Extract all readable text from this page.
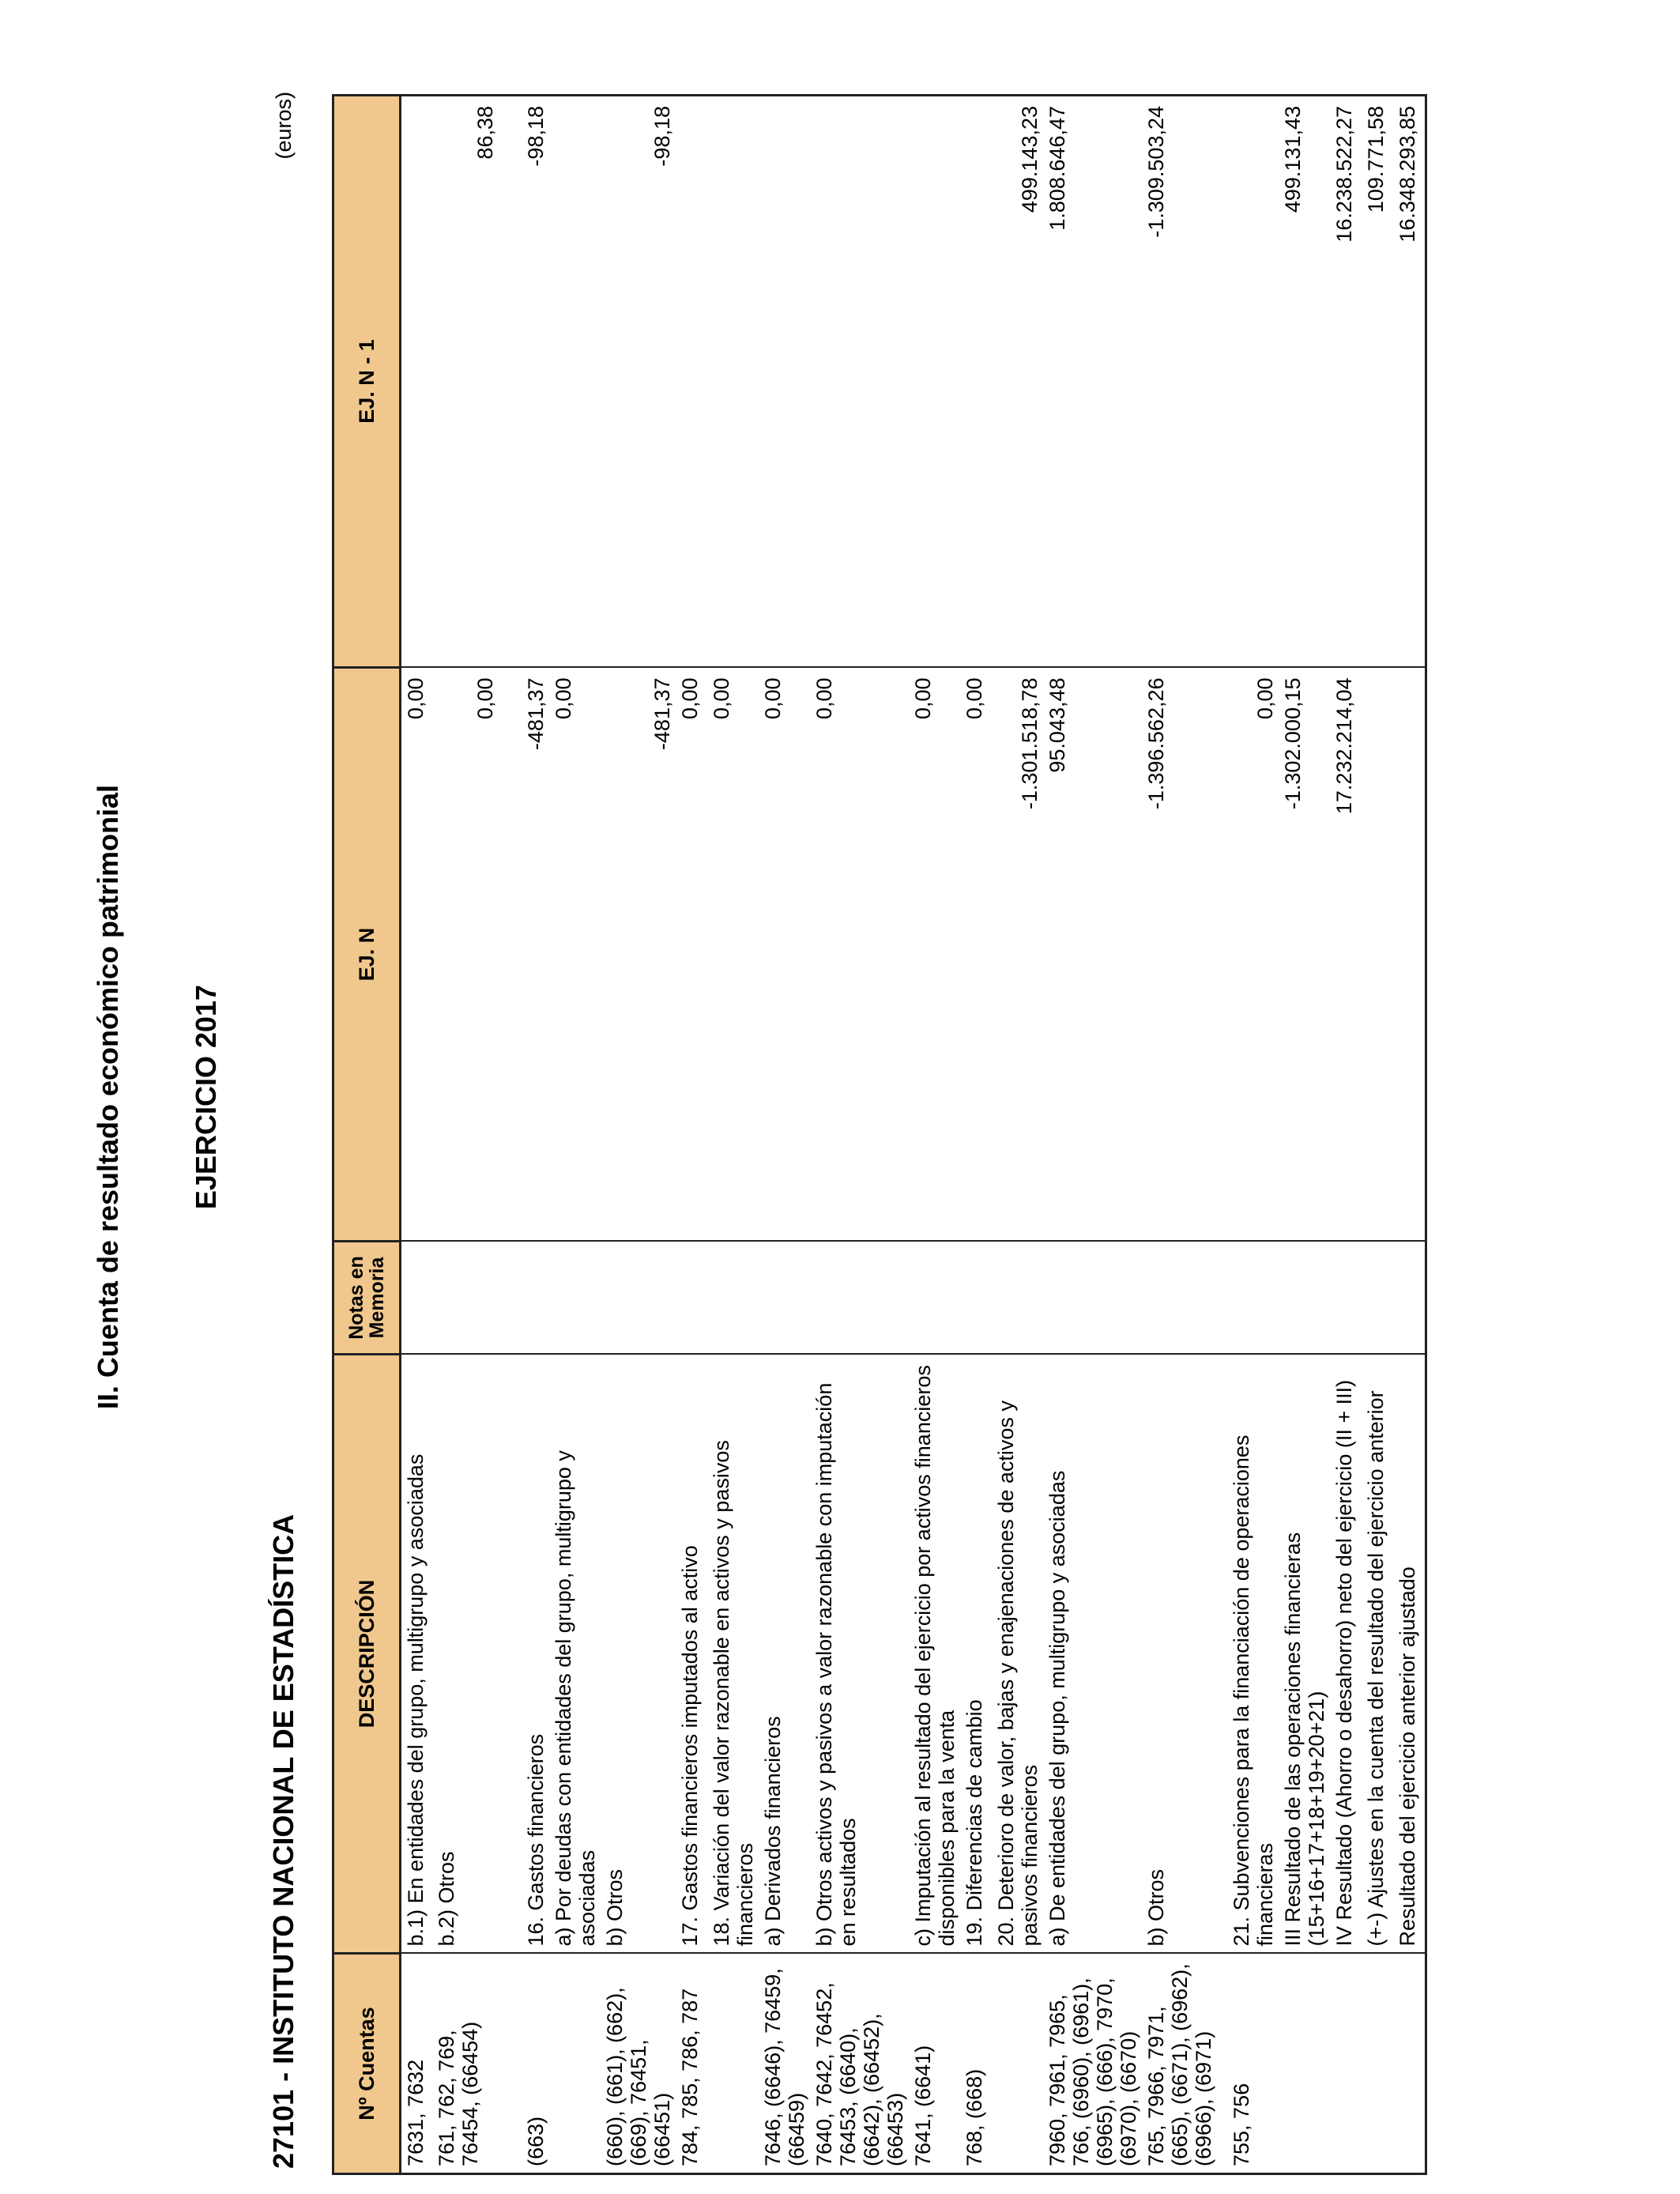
II. Cuenta de resultado económico patrimonial EJERCICIO 2017
27101 - INSTITUTO NACIONAL DE ESTADÍSTICA
(euros)
Nº Cuentas	DESCRIPCIÓN	Notas en Memoria	EJ. N	EJ. N - 1
7631, 7632	b.1) En entidades del grupo, multigrupo y asociadas		0,00	
761, 762, 769, 76454, (66454)	b.2) Otros		0,00	86,38
(663)	16. Gastos financieros		-481,37	-98,18
	a) Por deudas con entidades del grupo, multigrupo y asociadas		0,00	
(660), (661), (662), (669), 76451, (66451)	b) Otros		-481,37	-98,18
784, 785, 786, 787	17. Gastos financieros imputados al activo		0,00	
	18. Variación del valor razonable en activos y pasivos financieros		0,00	
7646, (6646), 76459, (66459)	a) Derivados financieros		0,00	
7640, 7642, 76452, 76453, (6640), (6642), (66452), (66453)	b) Otros activos y pasivos a valor razonable con imputación en resultados		0,00	
7641, (6641)	c) Imputación al resultado del ejercicio por activos financieros disponibles para la venta		0,00	
768, (668)	19. Diferencias de cambio		0,00	
	20. Deterioro de valor, bajas y enajenaciones de activos y pasivos financieros		-1.301.518,78	499.143,23
7960, 7961, 7965, 766, (6960), (6961), (6965), (666), 7970, (6970), (6670)	a) De entidades del grupo, multigrupo y asociadas		95.043,48	1.808.646,47
765, 7966, 7971, (665), (6671), (6962), (6966), (6971)	b) Otros		-1.396.562,26	-1.309.503,24
755, 756	21. Subvenciones para la financiación de operaciones financieras		0,00	
	III Resultado de las operaciones financieras (15+16+17+18+19+20+21)		-1.302.000,15	499.131,43
	IV Resultado (Ahorro o desahorro) neto del ejercicio (II + III)		17.232.214,04	16.238.522,27
	(+-) Ajustes en la cuenta del resultado del ejercicio anterior			109.771,58
	Resultado del ejercicio anterior ajustado			16.348.293,85
